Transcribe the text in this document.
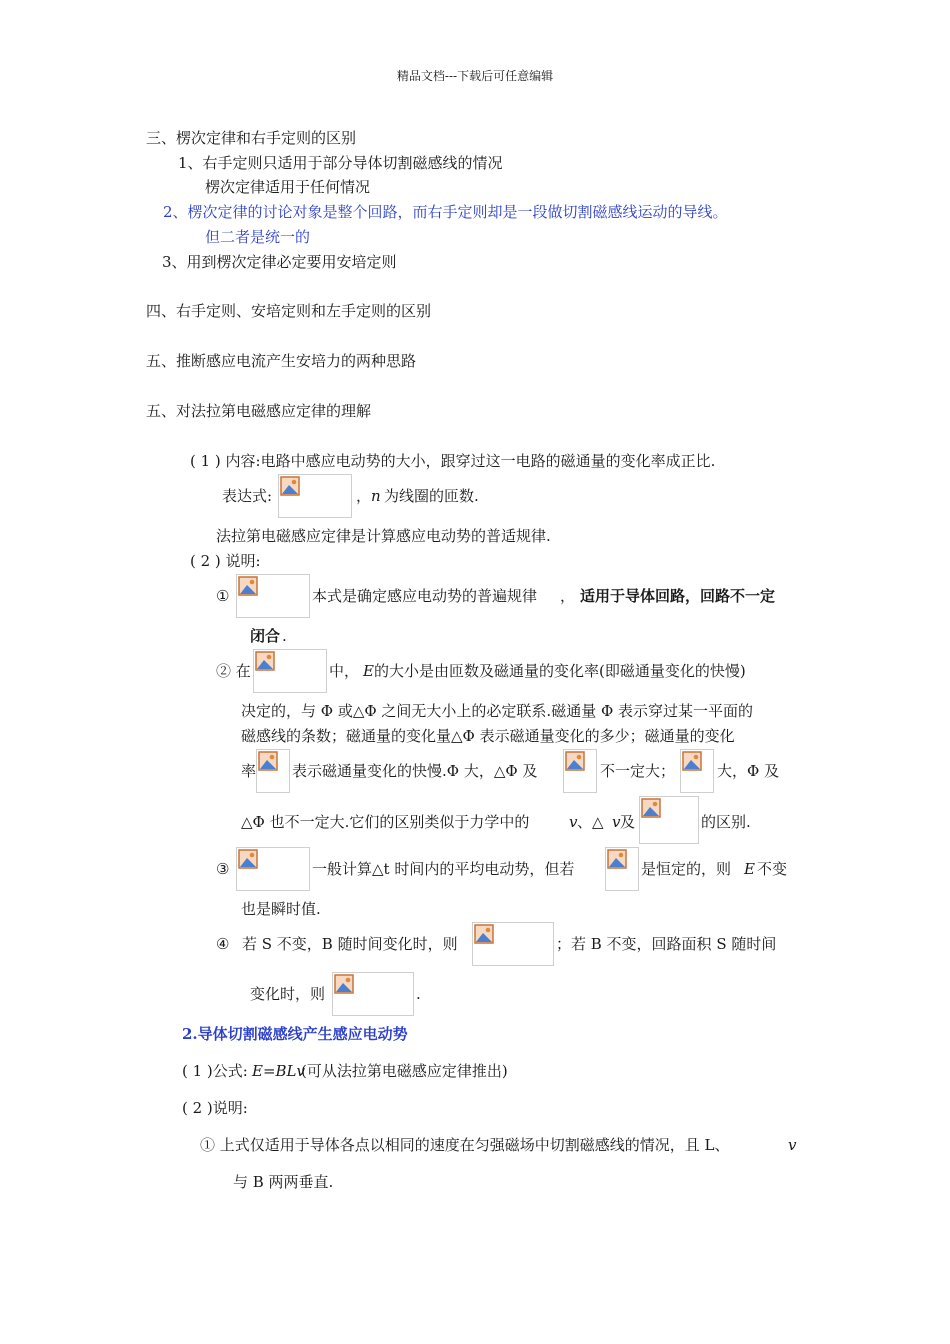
精品文档---下载后可任意编辑
三、楞次定律和右手定则的区别
1、右手定则只适用于部分导体切割磁感线的情况
楞次定律适用于任何情况
2、楞次定律的讨论对象是整个回路，而右手定则却是一段做切割磁感线运动的导线。
但二者是统一的
3、用到楞次定律必定要用安培定则
四、右手定则、安培定则和左手定则的区别
五、推断感应电流产生安培力的两种思路
五、对法拉第电磁感应定律的理解
( 1 ) 内容:电路中感应电动势的大小，跟穿过这一电路的磁通量的变化率成正比.
表达式:	， n 为线圈的匝数.
法拉第电磁感应定律是计算感应电动势的普适规律.
( 2 ) 说明:
①	本式是确定感应电动势的普遍规律 ， 适用于导体回路，回路不一定
闭合 .
② 在	中， E 的大小是由匝数及磁通量的变化率(即磁通量变化的快慢)
决定的，与 Φ 或△Φ 之间无大小上的必定联系.磁通量 Φ 表示穿过某一平面的
磁感线的条数；磁通量的变化量△Φ 表示磁通量变化的多少；磁通量的变化
率 表示磁通量变化的快慢.Φ 大，△Φ 及	不一定大；	大，Φ 及
△Φ 也不一定大.它们的区别类似于力学中的	v 、△ v 及	的区别.
③	一般计算△t 时间内的平均电动势，但若	是恒定的，则 E 不变
也是瞬时值.
④ 若 S 不变，B 随时间变化时，则	；若 B 不变，回路面积 S 随时间
变化时，则	.
2.导体切割磁感线产生感应电动势
( 1 )公式: E=BLv
(可从法拉第电磁感应定律推出)
( 2 )说明:
① 上式仅适用于导体各点以相同的速度在匀强磁场中切割磁感线的情况，且 L、	v
与 B 两两垂直.
